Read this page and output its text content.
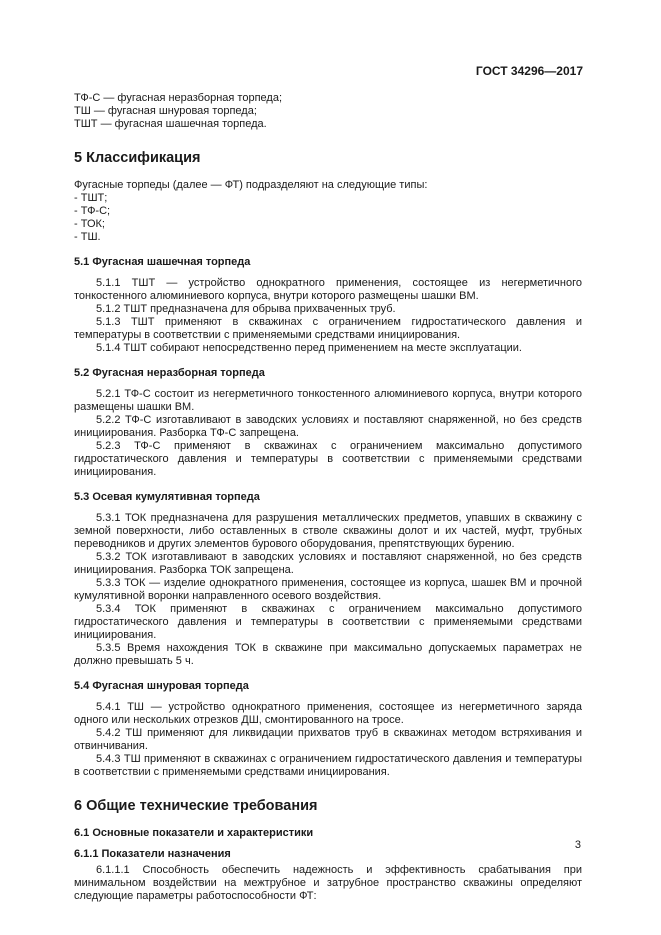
ГОСТ 34296—2017

ТФ-С — фугасная неразборная торпеда;

ТШ — фугасная шнуровая торпеда;

ТШТ — фугасная шашечная торпеда.

5 Классификация

Фугасные торпеды (далее — ФТ) подразделяют на следующие типы:

- ТШТ;
- ТФ-С;
- ТОК;
- ТШ.
5.1 Фугасная шашечная торпеда

5.1.1 ТШТ — устройство однократного применения, состоящее из негерметичного тонкостенного алюминиевого корпуса, внутри которого размещены шашки ВМ.

5.1.2 ТШТ предназначена для обрыва прихваченных труб.

5.1.3 ТШТ применяют в скважинах с ограничением гидростатического давления и температуры в соответствии с применяемыми средствами инициирования.

5.1.4 ТШТ собирают непосредственно перед применением на месте эксплуатации.

5.2 Фугасная неразборная торпеда

5.2.1 ТФ-С состоит из негерметичного тонкостенного алюминиевого корпуса, внутри которого размещены шашки ВМ.

5.2.2 ТФ-С изготавливают в заводских условиях и поставляют снаряженной, но без средств инициирования. Разборка ТФ-С запрещена.

5.2.3 ТФ-С применяют в скважинах с ограничением максимально допустимого гидростатического давления и температуры в соответствии с применяемыми средствами инициирования.

5.3 Осевая кумулятивная торпеда

5.3.1 ТОК предназначена для разрушения металлических предметов, упавших в скважину с земной поверхности, либо оставленных в стволе скважины долот и их частей, муфт, трубных переводников и других элементов бурового оборудования, препятствующих бурению.

5.3.2 ТОК изготавливают в заводских условиях и поставляют снаряженной, но без средств инициирования. Разборка ТОК запрещена.

5.3.3 ТОК — изделие однократного применения, состоящее из корпуса, шашек ВМ и прочной кумулятивной воронки направленного осевого воздействия.

5.3.4 ТОК применяют в скважинах с ограничением максимально допустимого гидростатического давления и температуры в соответствии с применяемыми средствами инициирования.

5.3.5 Время нахождения ТОК в скважине при максимально допускаемых параметрах не должно превышать 5 ч.

5.4 Фугасная шнуровая торпеда

5.4.1 ТШ — устройство однократного применения, состоящее из негерметичного заряда одного или нескольких отрезков ДШ, смонтированного на тросе.

5.4.2 ТШ применяют для ликвидации прихватов труб в скважинах методом встряхивания и отвинчивания.

5.4.3 ТШ применяют в скважинах с ограничением гидростатического давления и температуры в соответствии с применяемыми средствами инициирования.

6 Общие технические требования
6.1 Основные показатели и характеристики
6.1.1 Показатели назначения

6.1.1.1 Способность обеспечить надежность и эффективность срабатывания при минимальном воздействии на межтрубное и затрубное пространство скважины определяют следующие параметры работоспособности ФТ:

3
